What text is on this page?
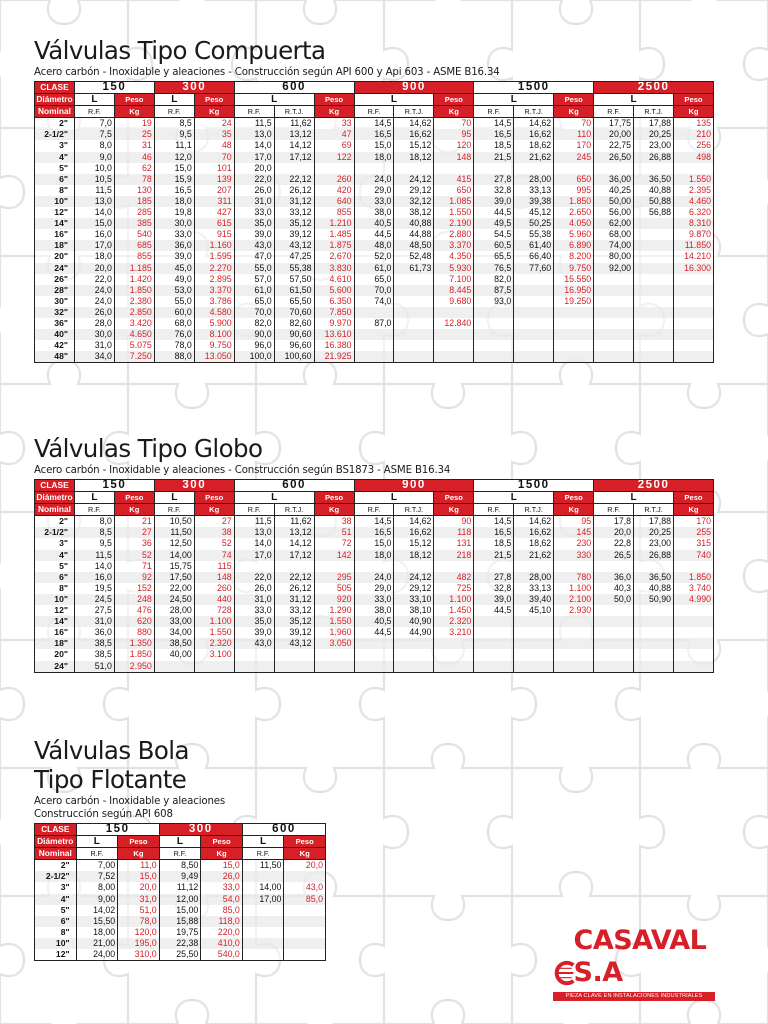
Válvulas Tipo Compuerta
Acero carbón - Inoxidable y aleaciones - Construcción según API 600 y Api 603 - ASME B16.34
CLASE	150		300		600			900			1500			2500		
Diámetro	L	Peso	L	Peso	L		Peso	L		Peso	L		Peso	L		Peso
Nominal	R.F.	Kg	R.F.	Kg	R.F.	R.T.J.	Kg	R.F.	R.T.J.	Kg	R.F.	R.T.J.	Kg	R.F.	R.T.J.	Kg
2"	7,0	19	8,5	24	11,5	11,62	33	14,5	14,62	70	14,5	14,62	70	17,75	17,88	135
2-1/2"	7,5	25	9,5	35	13,0	13,12	47	16,5	16,62	95	16,5	16,62	110	20,00	20,25	210
3"	8,0	31	11,1	48	14,0	14,12	69	15,0	15,12	120	18,5	18,62	170	22,75	23,00	256
4"	9,0	46	12,0	70	17,0	17,12	122	18,0	18,12	148	21,5	21,62	245	26,50	26,88	498
5"	10,0	62	15,0	101	20,0											
6"	10,5	78	15,9	139	22,0	22,12	260	24,0	24,12	415	27,8	28,00	650	36,00	36,50	1.550
8"	11,5	130	16,5	207	26,0	26,12	420	29,0	29,12	650	32,8	33,13	995	40,25	40,88	2.395
10"	13,0	185	18,0	311	31,0	31,12	640	33,0	32,12	1.085	39,0	39,38	1.850	50,00	50,88	4.460
12"	14,0	285	19,8	427	33,0	33,12	855	38,0	38,12	1.550	44,5	45,12	2.650	56,00	56,88	6.320
14"	15,0	385	30,0	615	35,0	35,12	1.210	40,5	40,88	2.190	49,5	50,25	4.050	62,00		8.310
16"	16,0	540	33,0	915	39,0	39,12	1.485	44,5	44,88	2.880	54,5	55,38	5.960	68,00		9.870
18"	17,0	685	36,0	1.160	43,0	43,12	1.875	48,0	48,50	3.370	60,5	61,40	6.890	74,00		11.850
20"	18,0	855	39,0	1.595	47,0	47,25	2.670	52,0	52,48	4.350	65,5	66,40	8.200	80,00		14.210
24"	20,0	1.185	45,0	2.270	55,0	55,38	3.830	61,0	61,73	5.930	76,5	77,60	9.750	92,00		16.300
26"	22,0	1.420	49,0	2.895	57,0	57,50	4.610	65,0		7.100	82,0		15.550			
28"	24,0	1.850	53,0	3.370	61,0	61,50	5.600	70,0		8.445	87,5		16.950			
30"	24,0	2.380	55,0	3.786	65,0	65,50	6.350	74,0		9.680	93,0		19.250			
32"	26,0	2.850	60,0	4.580	70,0	70,60	7.850									
36"	28,0	3.420	68,0	5.900	82,0	82,60	9.970	87,0		12.840						
40"	30,0	4.650	76,0	8.100	90,0	90,60	13.610									
42"	31,0	5.075	78,0	9.750	96,0	96,60	16.380									
48"	34,0	7.250	88,0	13.050	100,0	100,60	21.925									
Válvulas Tipo Globo
Acero carbón - Inoxidable y aleaciones - Construcción según BS1873 - ASME B16.34
CLASE	150		300		600			900			1500			2500		
Diámetro	L	Peso	L	Peso	L		Peso	L		Peso	L		Peso	L		Peso
Nominal	R.F.	Kg	R.F.	Kg	R.F.	R.T.J.	Kg	R.F.	R.T.J.	Kg	R.F.	R.T.J.	Kg	R.F.	R.T.J.	Kg
2"	8,0	21	10,50	27	11,5	11,62	38	14,5	14,62	90	14,5	14,62	95	17,8	17,88	170
2-1/2"	8,5	27	11,50	38	13,0	13,12	51	16,5	16,62	118	16,5	16,62	145	20,0	20,25	255
3"	9,5	36	12,50	52	14,0	14,12	72	15,0	15,12	131	18,5	18,62	230	22,8	23,00	315
4"	11,5	52	14,00	74	17,0	17,12	142	18,0	18,12	218	21,5	21,62	330	26,5	26,88	740
5"	14,0	71	15,75	115												
6"	16,0	92	17,50	148	22,0	22,12	295	24,0	24,12	482	27,8	28,00	780	36,0	36,50	1.850
8"	19,5	152	22,00	260	26,0	26,12	505	29,0	29,12	725	32,8	33,13	1.100	40,3	40,88	3.740
10"	24,5	248	24,50	440	31,0	31,12	920	33,0	33,10	1.100	39,0	39,40	2.100	50,0	50,90	4.990
12"	27,5	476	28,00	728	33,0	33,12	1.290	38,0	38,10	1.450	44,5	45,10	2.930			
14"	31,0	620	33,00	1.100	35,0	35,12	1.550	40,5	40,90	2.320						
16"	36,0	880	34,00	1.550	39,0	39,12	1.960	44,5	44,90	3.210						
18"	38,5	1.350	38,50	2.320	43,0	43,12	3.050									
20"	38,5	1.850	40,00	3.100												
24"	51,0	2.950														
Válvulas Bola
Tipo Flotante
Acero carbón - Inoxidable y aleaciones
Construcción según API 608
CLASE	150		300		600	
Diámetro	L	Peso	L	Peso	L	Peso
Nominal	R.F.	Kg	R.F.	Kg	R.F.	Kg
2"	7,00	11,0	8,50	15,0	11,50	20,0
2-1/2"	7,52	15,0	9,49	26,0		
3"	8,00	20,0	11,12	33,0	14,00	43,0
4"	9,00	31,0	12,00	54,0	17,00	85,0
5"	14,02	51,0	15,00	85,0		
6"	15,50	78,0	15,88	118,0		
8"	18,00	120,0	19,75	220,0		
10"	21,00	195,0	22,38	410,0		
12"	24,00	310,0	25,50	540,0			CASAVAL S.A
PIEZA CLAVE EN INSTALACIONES INDUSTRIALES
